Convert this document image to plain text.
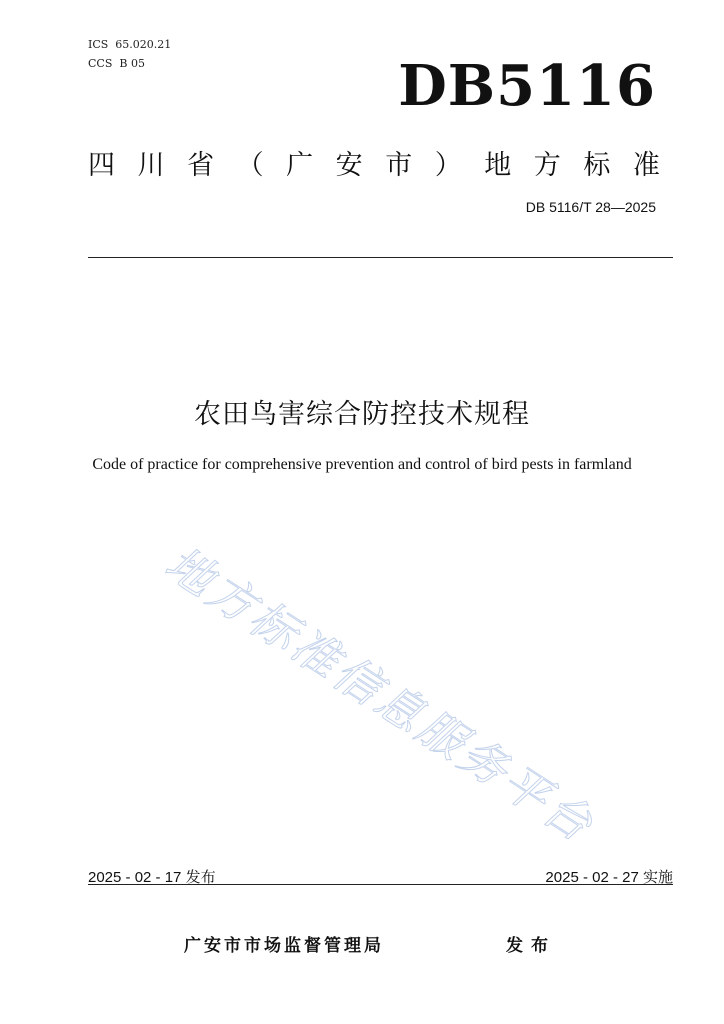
ICS  65.020.21
CCS  B 05	DB5116
四 川 省 （ 广 安 市 ） 地 方 标 准
DB 5116/T 28—2025
农田鸟害综合防控技术规程
Code of practice for comprehensive prevention and control of bird pests in farmland
地方标准信息服务平台
2025 - 02 - 17 发布	2025 - 02 - 27 实施
广安市市场监督管理局	发布
